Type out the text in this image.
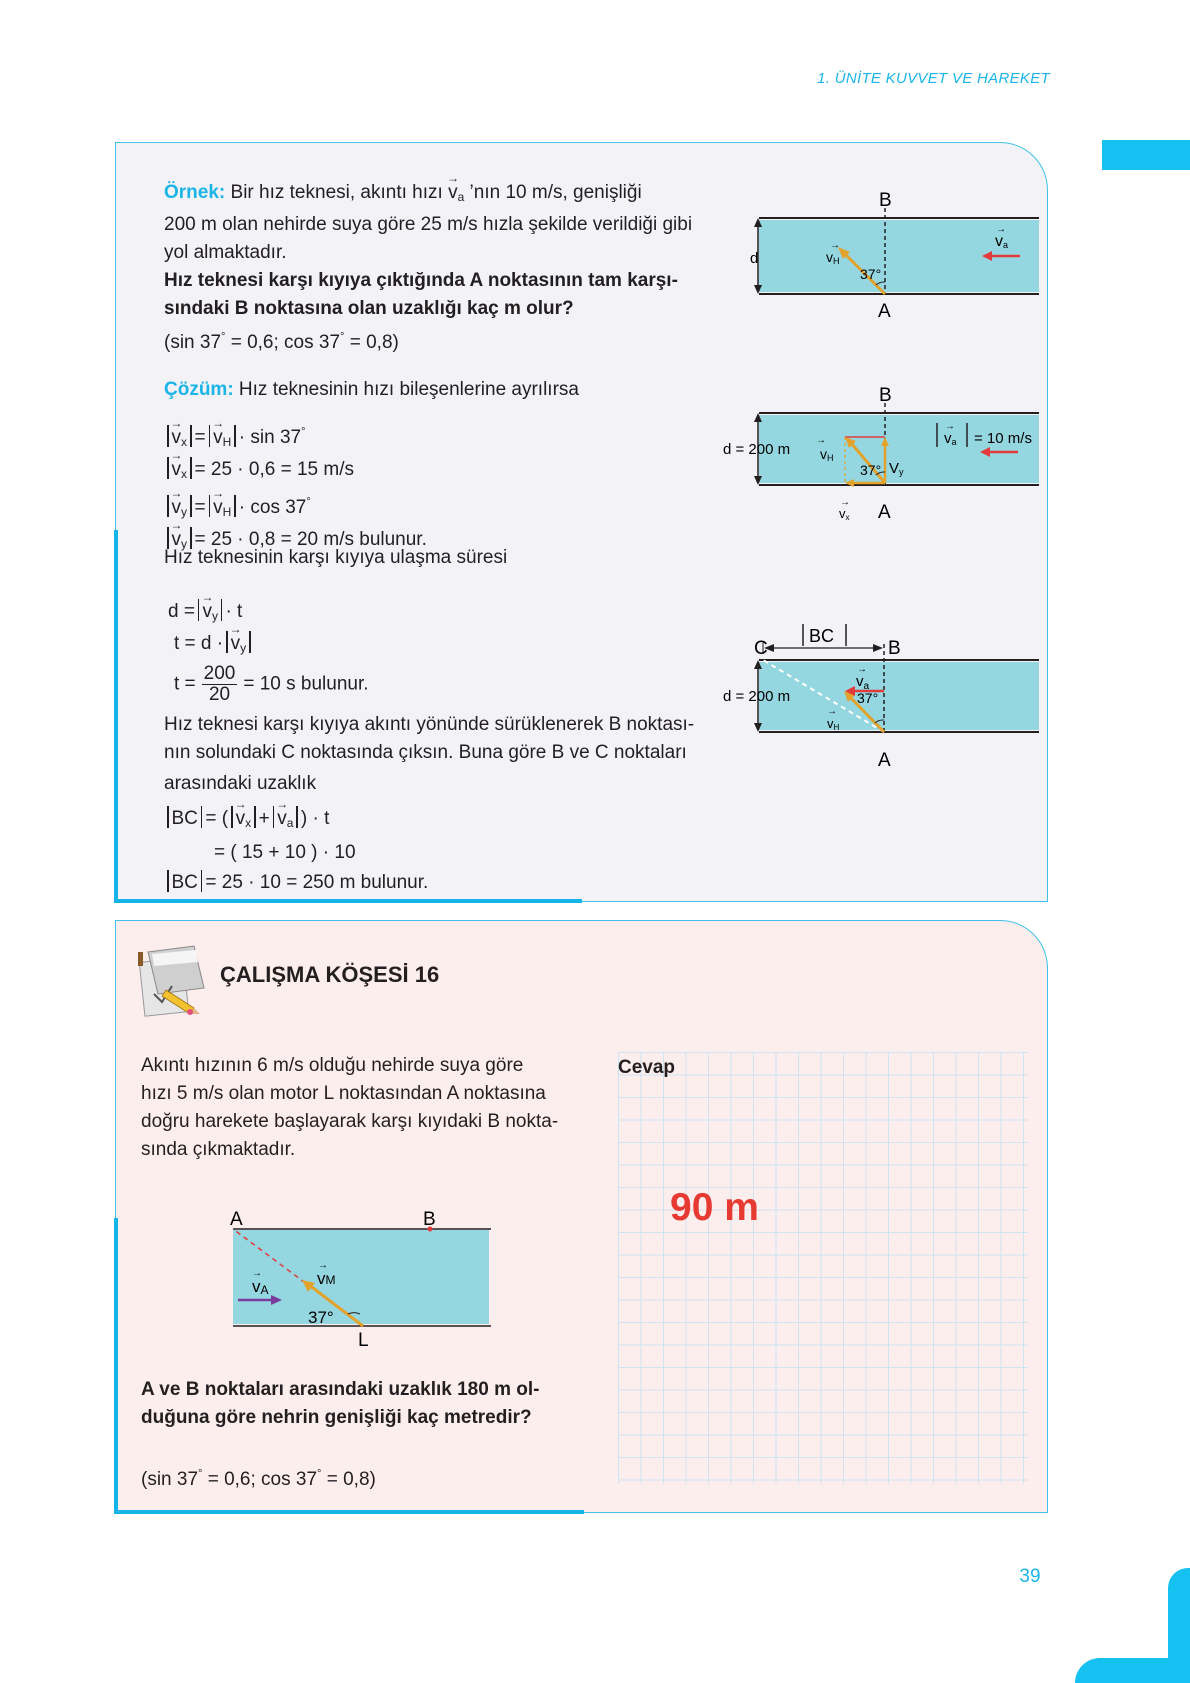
1. ÜNİTE KUVVET VE HAREKET
39
Örnek: Bir hız teknesi, akıntı hızı → $v_a$ ’nın 10 m/s, genişliği
200 m olan nehirde suya göre 25 m/s hızla şekilde verildiği gibi
yol almaktadır.
Hız teknesi karşı kıyıya çıktığında A noktasının tam karşı-
sındaki B noktasına olan uzaklığı kaç m olur?
(sin 37° = 0,6; cos 37° = 0,8)
Çözüm: Hız teknesinin hızı bileşenlerine ayrılırsa
→ $v_x =\to v_H \cdot \sin 37^\circ$
→ $v_x = 25 \cdot 0,6 = 15$ m/s
→ $v_y =\to v_H \cdot \cos 37^\circ$
→ $v_y = 25 \cdot 0,8 = 20$ m/s bulunur.
Hız teknesinin karşı kıyıya ulaşma süresi
$d =\to v_y \cdot t$
$t = d \cdot\to v_y$
$t = \frac{200}{20} = 10$ s bulunur.
Hız teknesi karşı kıyıya akıntı yönünde sürüklenerek B noktası-
nın solundaki C noktasında çıksın. Buna göre B ve C noktaları
arasındaki uzaklık
BC = (→ $v_x +\to v_a$ ) · t
= ( 15 + 10 ) · 10
BC = 25 · 10 = 250 m bulunur.
B
A
d	vH
→
37°
va
→
B
A
d = 200 m vH
→
37° Vy
vx
→
va
→
= 10 m/s
C	B
A
BC
d = 200 m	37°
$v_a$
→
vH
→
ÇALIŞMA KÖŞESİ 16
Akıntı hızının 6 m/s olduğu nehirde suya göre
hızı 5 m/s olan motor L noktasından A noktasına
doğru harekete başlayarak karşı kıyıdaki B nokta-
sında çıkmaktadır.
A	B
L
vA
→	vM
→
37°
A ve B noktaları arasındaki uzaklık 180 m ol-
duğuna göre nehrin genişliği kaç metredir?
(sin 37° = 0,6; cos 37° = 0,8)
Cevap
90 m
